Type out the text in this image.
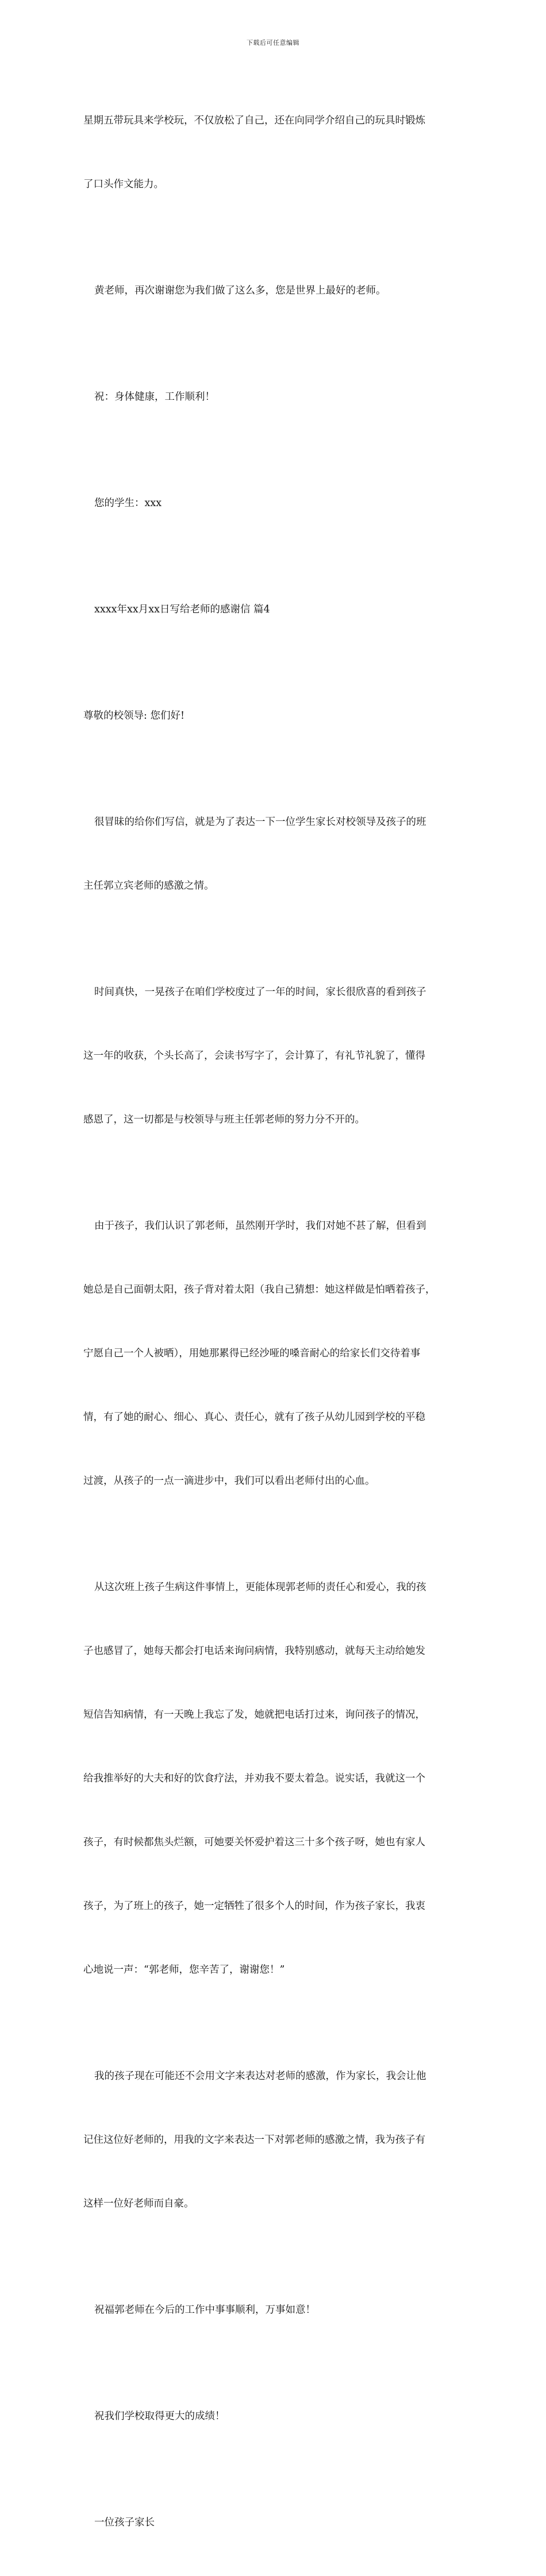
下载后可任意编辑

星期五带玩具来学校玩，不仅放松了自己，还在向同学介绍自己的玩具时锻炼

了口头作文能力。

黄老师，再次谢谢您为我们做了这么多，您是世界上最好的老师。

祝：身体健康，工作顺利！

您的学生：xxx

xxxx年xx月xx日写给老师的感谢信 篇4

尊敬的校领导: 您们好!

很冒昧的给你们写信，就是为了表达一下一位学生家长对校领导及孩子的班

主任郭立宾老师的感激之情。

时间真快，一晃孩子在咱们学校度过了一年的时间，家长很欣喜的看到孩子

这一年的收获，个头长高了，会读书写字了，会计算了，有礼节礼貌了，懂得

感恩了，这一切都是与校领导与班主任郭老师的努力分不开的。

由于孩子，我们认识了郭老师，虽然刚开学时，我们对她不甚了解，但看到

她总是自己面朝太阳，孩子背对着太阳（我自己猜想：她这样做是怕晒着孩子，

宁愿自己一个人被晒），用她那累得已经沙哑的嗓音耐心的给家长们交待着事

情，有了她的耐心、细心、真心、责任心，就有了孩子从幼儿园到学校的平稳

过渡，从孩子的一点一滴进步中，我们可以看出老师付出的心血。

从这次班上孩子生病这件事情上，更能体现郭老师的责任心和爱心，我的孩

子也感冒了，她每天都会打电话来询问病情，我特别感动，就每天主动给她发

短信告知病情，有一天晚上我忘了发，她就把电话打过来，询问孩子的情况，

给我推举好的大夫和好的饮食疗法，并劝我不要太着急。说实话，我就这一个

孩子，有时候都焦头烂额，可她要关怀爱护着这三十多个孩子呀，她也有家人

孩子，为了班上的孩子，她一定牺牲了很多个人的时间，作为孩子家长，我衷

心地说一声：“郭老师，您辛苦了，谢谢您！”

我的孩子现在可能还不会用文字来表达对老师的感激，作为家长，我会让他

记住这位好老师的，用我的文字来表达一下对郭老师的感激之情，我为孩子有

这样一位好老师而自豪。

祝福郭老师在今后的工作中事事顺利，万事如意！

祝我们学校取得更大的成绩！

一位孩子家长
